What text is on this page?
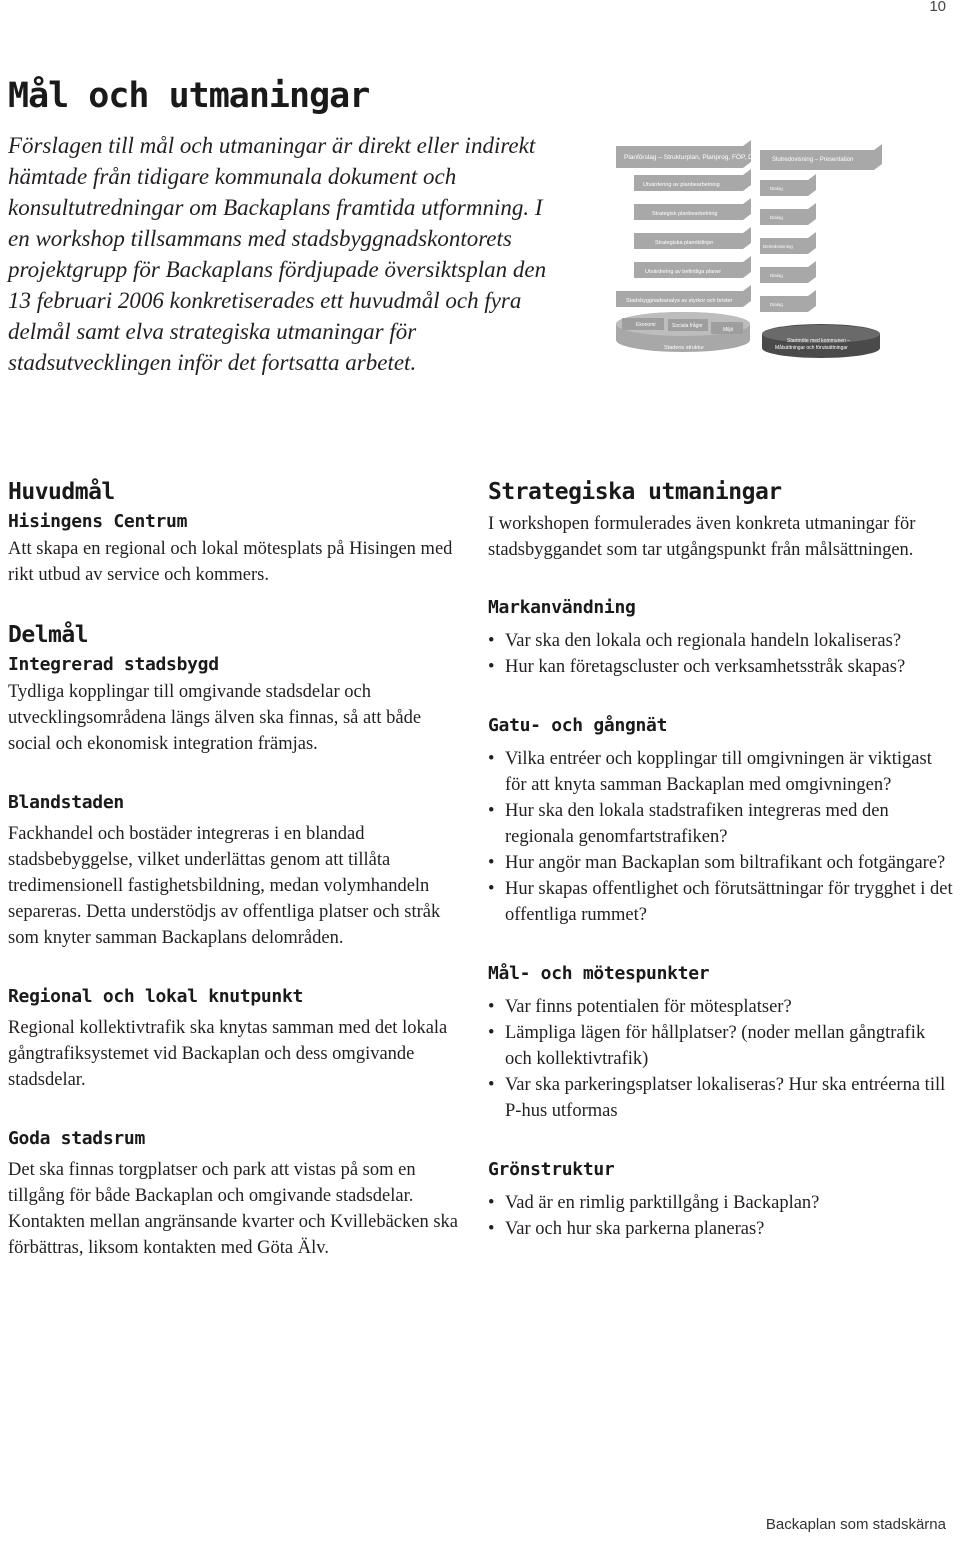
10
Mål och utmaningar

Förslagen till mål och utmaningar är direkt eller indirekt hämtade från tidigare kommunala dokument och konsultutredningar om Backaplans framtida utformning. I en workshop tillsammans med stadsbyggnadskontorets projektgrupp för Backaplans fördjupade översiktsplan den 13 februari 2006 konkretiserades ett huvudmål och fyra delmål samt elva strategiska utmaningar för stadsutvecklingen inför det fortsatta arbetet.

Planförslag – Strukturplan, Planprog, FÖP, DP
Utvärdering av planbearbetning
Strategisk planbearbetning
Strategiska planriktlinjer
Utvärdering av befintliga planer
Stadsbyggnadsanalys av styrkor och brister
Ekonomi	Sociala frågor
Miljö
Stadens struktur
Slutredovisning – Presentation
Dialog
Dialog
Delredovisning
Dialog
Dialog
Startmöte med kommunen –
Målsättningar och förutsättningar
Huvudmål
Hisingens Centrum

Att skapa en regional och lokal mötesplats på Hisingen med rikt utbud av service och kommers.

Delmål
Integrerad stadsbygd

Tydliga kopplingar till omgivande stadsdelar och utvecklingsområdena längs älven ska finnas, så att både social och ekonomisk integration främjas.

Blandstaden

Fackhandel och bostäder integreras i en blandad stadsbebyggelse, vilket underlättas genom att tillåta tredimensionell fastighetsbildning, medan volymhandeln separeras. Detta understödjs av offentliga platser och stråk som knyter samman Backaplans delområden.

Regional och lokal knutpunkt

Regional kollektivtrafik ska knytas samman med det lokala gångtrafiksystemet vid Backaplan och dess omgivande stadsdelar.

Goda stadsrum

Det ska finnas torgplatser och park att vistas på som en tillgång för både Backaplan och omgivande stadsdelar. Kontakten mellan angränsande kvarter och Kvillebäcken ska förbättras, liksom kontakten med Göta Älv.

Strategiska utmaningar

I workshopen formulerades även konkreta utmaningar för stadsbyggandet som tar utgångspunkt från målsättningen.

Markanvändning
• Var ska den lokala och regionala handeln lokaliseras?
• Hur kan företagscluster och verksamhetsstråk skapas?
Gatu- och gångnät
• Vilka entréer och kopplingar till omgivningen är viktigast för att knyta samman Backaplan med omgivningen?
• Hur ska den lokala stadstrafiken integreras med den regionala genomfartstrafiken?
• Hur angör man Backaplan som biltrafikant och fotgängare?
• Hur skapas offentlighet och förutsättningar för trygghet i det offentliga rummet?
Mål- och mötespunkter
• Var finns potentialen för mötesplatser?
• Lämpliga lägen för hållplatser? (noder mellan gångtrafik och kollektivtrafik)
• Var ska parkeringsplatser lokaliseras? Hur ska entréerna till P-hus utformas
Grönstruktur
• Vad är en rimlig parktillgång i Backaplan?
• Var och hur ska parkerna planeras?
Backaplan som stadskärna
